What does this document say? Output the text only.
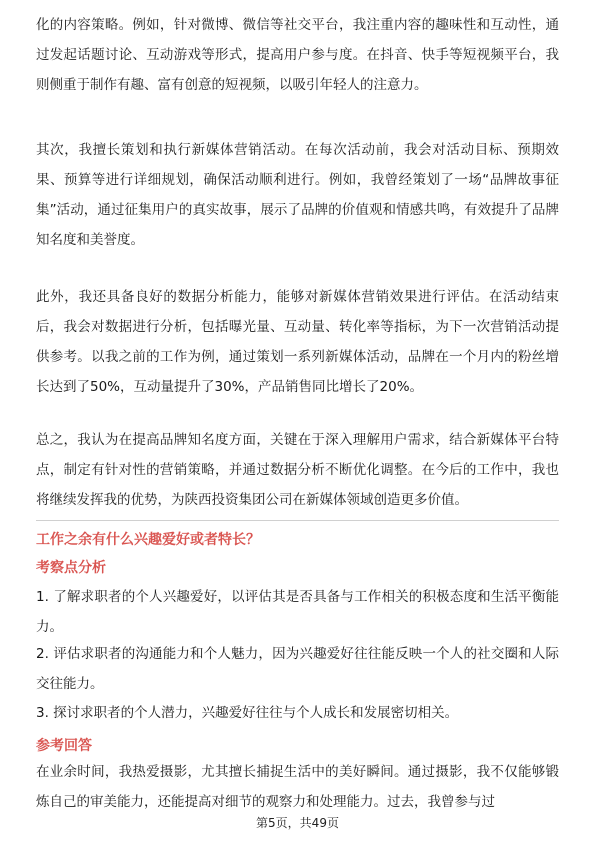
化的内容策略。例如，针对微博、微信等社交平台，我注重内容的趣味性和互动性，通过发起话题讨论、互动游戏等形式，提高用户参与度。在抖音、快手等短视频平台，我则侧重于制作有趣、富有创意的短视频，以吸引年轻人的注意力。

其次，我擅长策划和执行新媒体营销活动。在每次活动前，我会对活动目标、预期效果、预算等进行详细规划，确保活动顺利进行。例如，我曾经策划了一场“品牌故事征集”活动，通过征集用户的真实故事，展示了品牌的价值观和情感共鸣，有效提升了品牌知名度和美誉度。

此外，我还具备良好的数据分析能力，能够对新媒体营销效果进行评估。在活动结束后，我会对数据进行分析，包括曝光量、互动量、转化率等指标，为下一次营销活动提供参考。以我之前的工作为例，通过策划一系列新媒体活动，品牌在一个月内的粉丝增长达到了50%，互动量提升了30%，产品销售同比增长了20%。

总之，我认为在提高品牌知名度方面，关键在于深入理解用户需求，结合新媒体平台特点，制定有针对性的营销策略，并通过数据分析不断优化调整。在今后的工作中，我也将继续发挥我的优势，为陕西投资集团公司在新媒体领域创造更多价值。

工作之余有什么兴趣爱好或者特长？

考察点分析

1. 了解求职者的个人兴趣爱好，以评估其是否具备与工作相关的积极态度和生活平衡能力。

2. 评估求职者的沟通能力和个人魅力，因为兴趣爱好往往能反映一个人的社交圈和人际交往能力。

3. 探讨求职者的个人潜力，兴趣爱好往往与个人成长和发展密切相关。

参考回答

在业余时间，我热爱摄影，尤其擅长捕捉生活中的美好瞬间。通过摄影，我不仅能够锻炼自己的审美能力，还能提高对细节的观察力和处理能力。过去，我曾参与过

第5页，共49页
